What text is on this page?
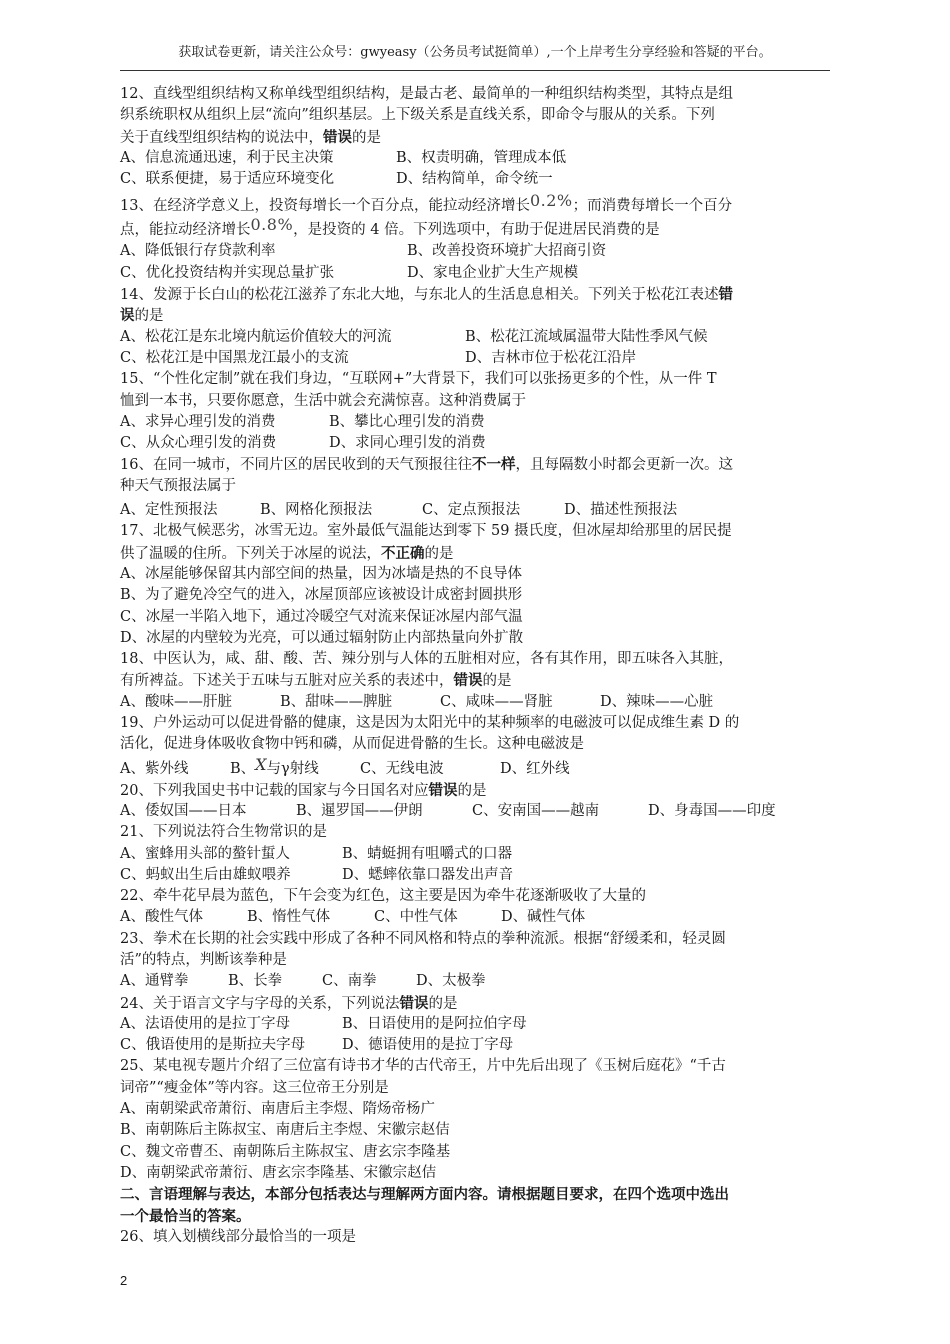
获取试卷更新，请关注公众号：gwyeasy（公务员考试挺简单）,一个上岸考生分享经验和答疑的平台。
12、直线型组织结构又称单线型组织结构，是最古老、最简单的一种组织结构类型，其特点是组
织系统职权从组织上层“流向”组织基层。上下级关系是直线关系，即命令与服从的关系。下列
关于直线型组织结构的说法中，错误的是
A、信息流通迅速，利于民主决策	B、权责明确，管理成本低
C、联系便捷，易于适应环境变化	D、结构简单，命令统一
13、在经济学意义上，投资每增长一个百分点，能拉动经济增长0.2%；而消费每增长一个百分
点，能拉动经济增长0.8%，是投资的 4 倍。下列选项中，有助于促进居民消费的是
A、降低银行存贷款利率	B、改善投资环境扩大招商引资
C、优化投资结构并实现总量扩张	D、家电企业扩大生产规模
14、发源于长白山的松花江滋养了东北大地，与东北人的生活息息相关。下列关于松花江表述错
误的是
A、松花江是东北境内航运价值较大的河流	B、松花江流域属温带大陆性季风气候
C、松花江是中国黑龙江最小的支流	D、吉林市位于松花江沿岸
15、“个性化定制”就在我们身边，“互联网+”大背景下，我们可以张扬更多的个性，从一件 T
恤到一本书，只要你愿意，生活中就会充满惊喜。这种消费属于
A、求异心理引发的消费	B、攀比心理引发的消费
C、从众心理引发的消费	D、求同心理引发的消费
16、在同一城市，不同片区的居民收到的天气预报往往不一样，且每隔数小时都会更新一次。这
种天气预报法属于
A、定性预报法	B、网格化预报法	C、定点预报法	D、描述性预报法
17、北极气候恶劣，冰雪无边。室外最低气温能达到零下 59 摄氏度，但冰屋却给那里的居民提
供了温暖的住所。下列关于冰屋的说法，不正确的是
A、冰屋能够保留其内部空间的热量，因为冰墙是热的不良导体
B、为了避免冷空气的进入，冰屋顶部应该被设计成密封圆拱形
C、冰屋一半陷入地下，通过冷暖空气对流来保证冰屋内部气温
D、冰屋的内壁较为光亮，可以通过辐射防止内部热量向外扩散
18、中医认为，咸、甜、酸、苦、辣分别与人体的五脏相对应，各有其作用，即五味各入其脏，
有所裨益。下述关于五味与五脏对应关系的表述中，错误的是
A、酸味——肝脏	B、甜味——脾脏	C、咸味——肾脏	D、辣味——心脏
19、户外运动可以促进骨骼的健康，这是因为太阳光中的某种频率的电磁波可以促成维生素 D 的
活化，促进身体吸收食物中钙和磷，从而促进骨骼的生长。这种电磁波是
A、紫外线	B、X与γ射线	C、无线电波	D、红外线
20、下列我国史书中记载的国家与今日国名对应错误的是
A、倭奴国——日本	B、暹罗国——伊朗	C、安南国——越南	D、身毒国——印度
21、下列说法符合生物常识的是
A、蜜蜂用头部的螯针蜇人	B、蜻蜓拥有咀嚼式的口器
C、蚂蚁出生后由雄蚁喂养	D、蟋蟀依靠口器发出声音
22、牵牛花早晨为蓝色，下午会变为红色，这主要是因为牵牛花逐渐吸收了大量的
A、酸性气体	B、惰性气体	C、中性气体	D、碱性气体
23、拳术在长期的社会实践中形成了各种不同风格和特点的拳种流派。根据“舒缓柔和，轻灵圆
活”的特点，判断该拳种是
A、通臂拳	B、长拳	C、南拳	D、太极拳
24、关于语言文字与字母的关系，下列说法错误的是
A、法语使用的是拉丁字母	B、日语使用的是阿拉伯字母
C、俄语使用的是斯拉夫字母	D、德语使用的是拉丁字母
25、某电视专题片介绍了三位富有诗书才华的古代帝王，片中先后出现了《玉树后庭花》“千古
词帝”“瘦金体”等内容。这三位帝王分别是
A、南朝梁武帝萧衍、南唐后主李煜、隋炀帝杨广
B、南朝陈后主陈叔宝、南唐后主李煜、宋徽宗赵佶
C、魏文帝曹丕、南朝陈后主陈叔宝、唐玄宗李隆基
D、南朝梁武帝萧衍、唐玄宗李隆基、宋徽宗赵佶
二、言语理解与表达，本部分包括表达与理解两方面内容。请根据题目要求，在四个选项中选出
一个最恰当的答案。
26、填入划横线部分最恰当的一项是
2
